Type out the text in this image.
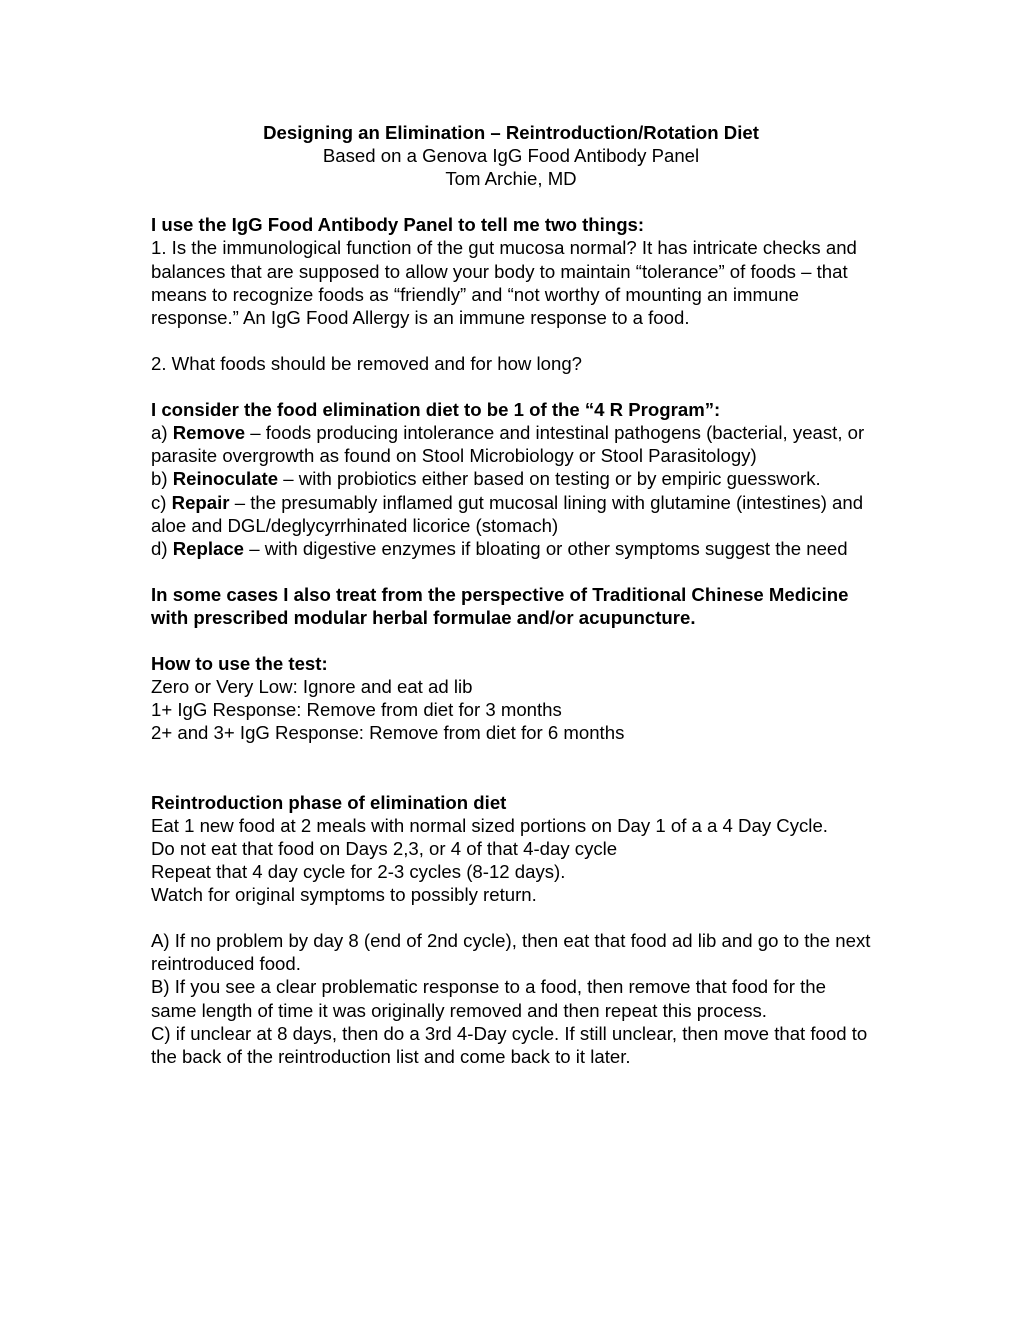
Designing an Elimination – Reintroduction/Rotation Diet

Based on a Genova IgG Food Antibody Panel

Tom Archie, MD

I use the IgG Food Antibody Panel to tell me two things:

1. Is the immunological function of the gut mucosa normal? It has intricate checks and balances that are supposed to allow your body to maintain “tolerance” of foods – that means to recognize foods as “friendly” and “not worthy of mounting an immune response.” An IgG Food Allergy is an immune response to a food.

2. What foods should be removed and for how long?

I consider the food elimination diet to be 1 of the “4 R Program”:

a) Remove – foods producing intolerance and intestinal pathogens (bacterial, yeast, or parasite overgrowth as found on Stool Microbiology or Stool Parasitology)

b) Reinoculate – with probiotics either based on testing or by empiric guesswork.

c) Repair – the presumably inflamed gut mucosal lining with glutamine (intestines) and aloe and DGL/deglycyrrhinated licorice (stomach)

d) Replace – with digestive enzymes if bloating or other symptoms suggest the need

In some cases I also treat from the perspective of Traditional Chinese Medicine with prescribed modular herbal formulae and/or acupuncture.

How to use the test:

Zero or Very Low: Ignore and eat ad lib

1+ IgG Response: Remove from diet for 3 months

2+ and 3+ IgG Response: Remove from diet for 6 months

Reintroduction phase of elimination diet

Eat 1 new food at 2 meals with normal sized portions on Day 1 of a a 4 Day Cycle.

Do not eat that food on Days 2,3, or 4 of that 4-day cycle

Repeat that 4 day cycle for 2-3 cycles (8-12 days).

Watch for original symptoms to possibly return.

A) If no problem by day 8 (end of 2nd cycle), then eat that food ad lib and go to the next reintroduced food.

B) If you see a clear problematic response to a food, then remove that food for the same length of time it was originally removed and then repeat this process.

C) if unclear at 8 days, then do a 3rd 4-Day cycle. If still unclear, then move that food to the back of the reintroduction list and come back to it later.
